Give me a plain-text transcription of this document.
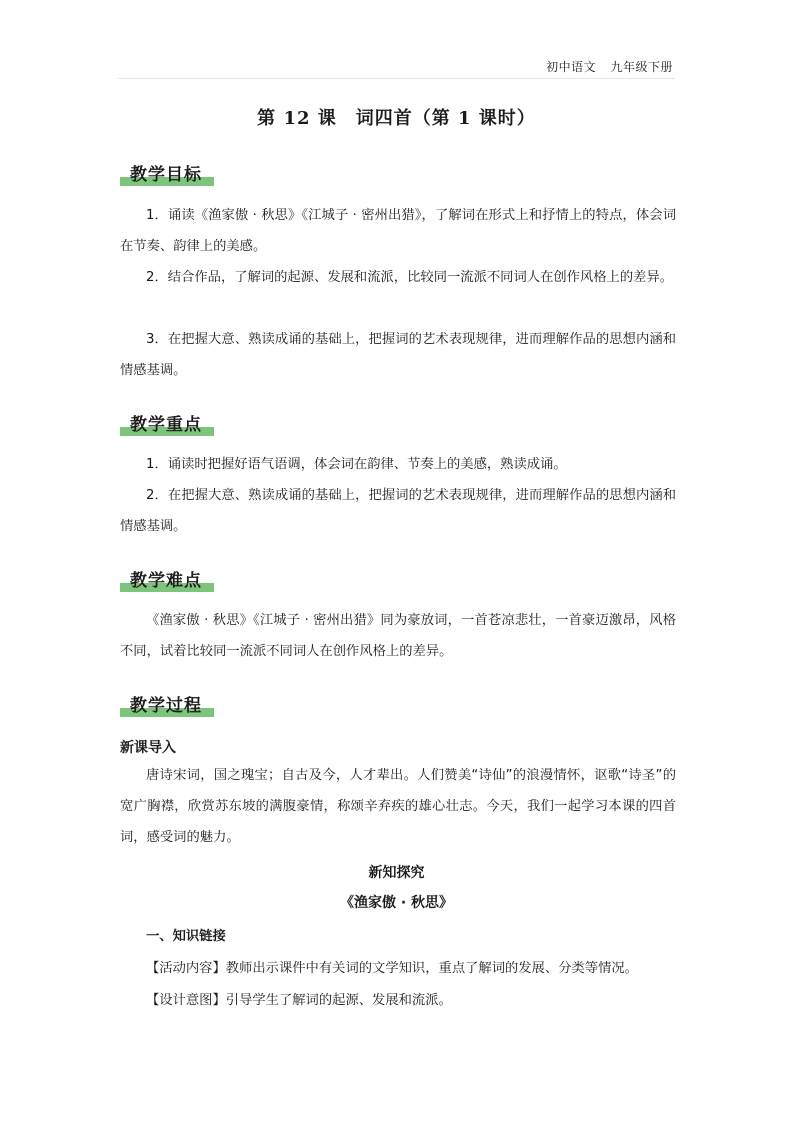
初中语文 九年级下册
第 12 课　词四首（第 1 课时）
教学目标
1．诵读《渔家傲 · 秋思》《江城子 · 密州出猎》，了解词在形式上和抒情上的特点，体会词在节奏、韵律上的美感。
2．结合作品，了解词的起源、发展和流派，比较同一流派不同词人在创作风格上的差异。
3．在把握大意、熟读成诵的基础上，把握词的艺术表现规律，进而理解作品的思想内涵和情感基调。
教学重点
1．诵读时把握好语气语调，体会词在韵律、节奏上的美感，熟读成诵。
2．在把握大意、熟读成诵的基础上，把握词的艺术表现规律，进而理解作品的思想内涵和情感基调。
教学难点
《渔家傲 · 秋思》《江城子 · 密州出猎》同为豪放词，一首苍凉悲壮，一首豪迈激昂，风格不同，试着比较同一流派不同词人在创作风格上的差异。
教学过程
新课导入
唐诗宋词，国之瑰宝；自古及今，人才辈出。人们赞美“诗仙”的浪漫情怀，讴歌“诗圣”的宽广胸襟，欣赏苏东坡的满腹豪情，称颂辛弃疾的雄心壮志。今天，我们一起学习本课的四首词，感受词的魅力。
新知探究
《渔家傲 · 秋思》
一、知识链接
【活动内容】教师出示课件中有关词的文学知识，重点了解词的发展、分类等情况。
【设计意图】引导学生了解词的起源、发展和流派。
